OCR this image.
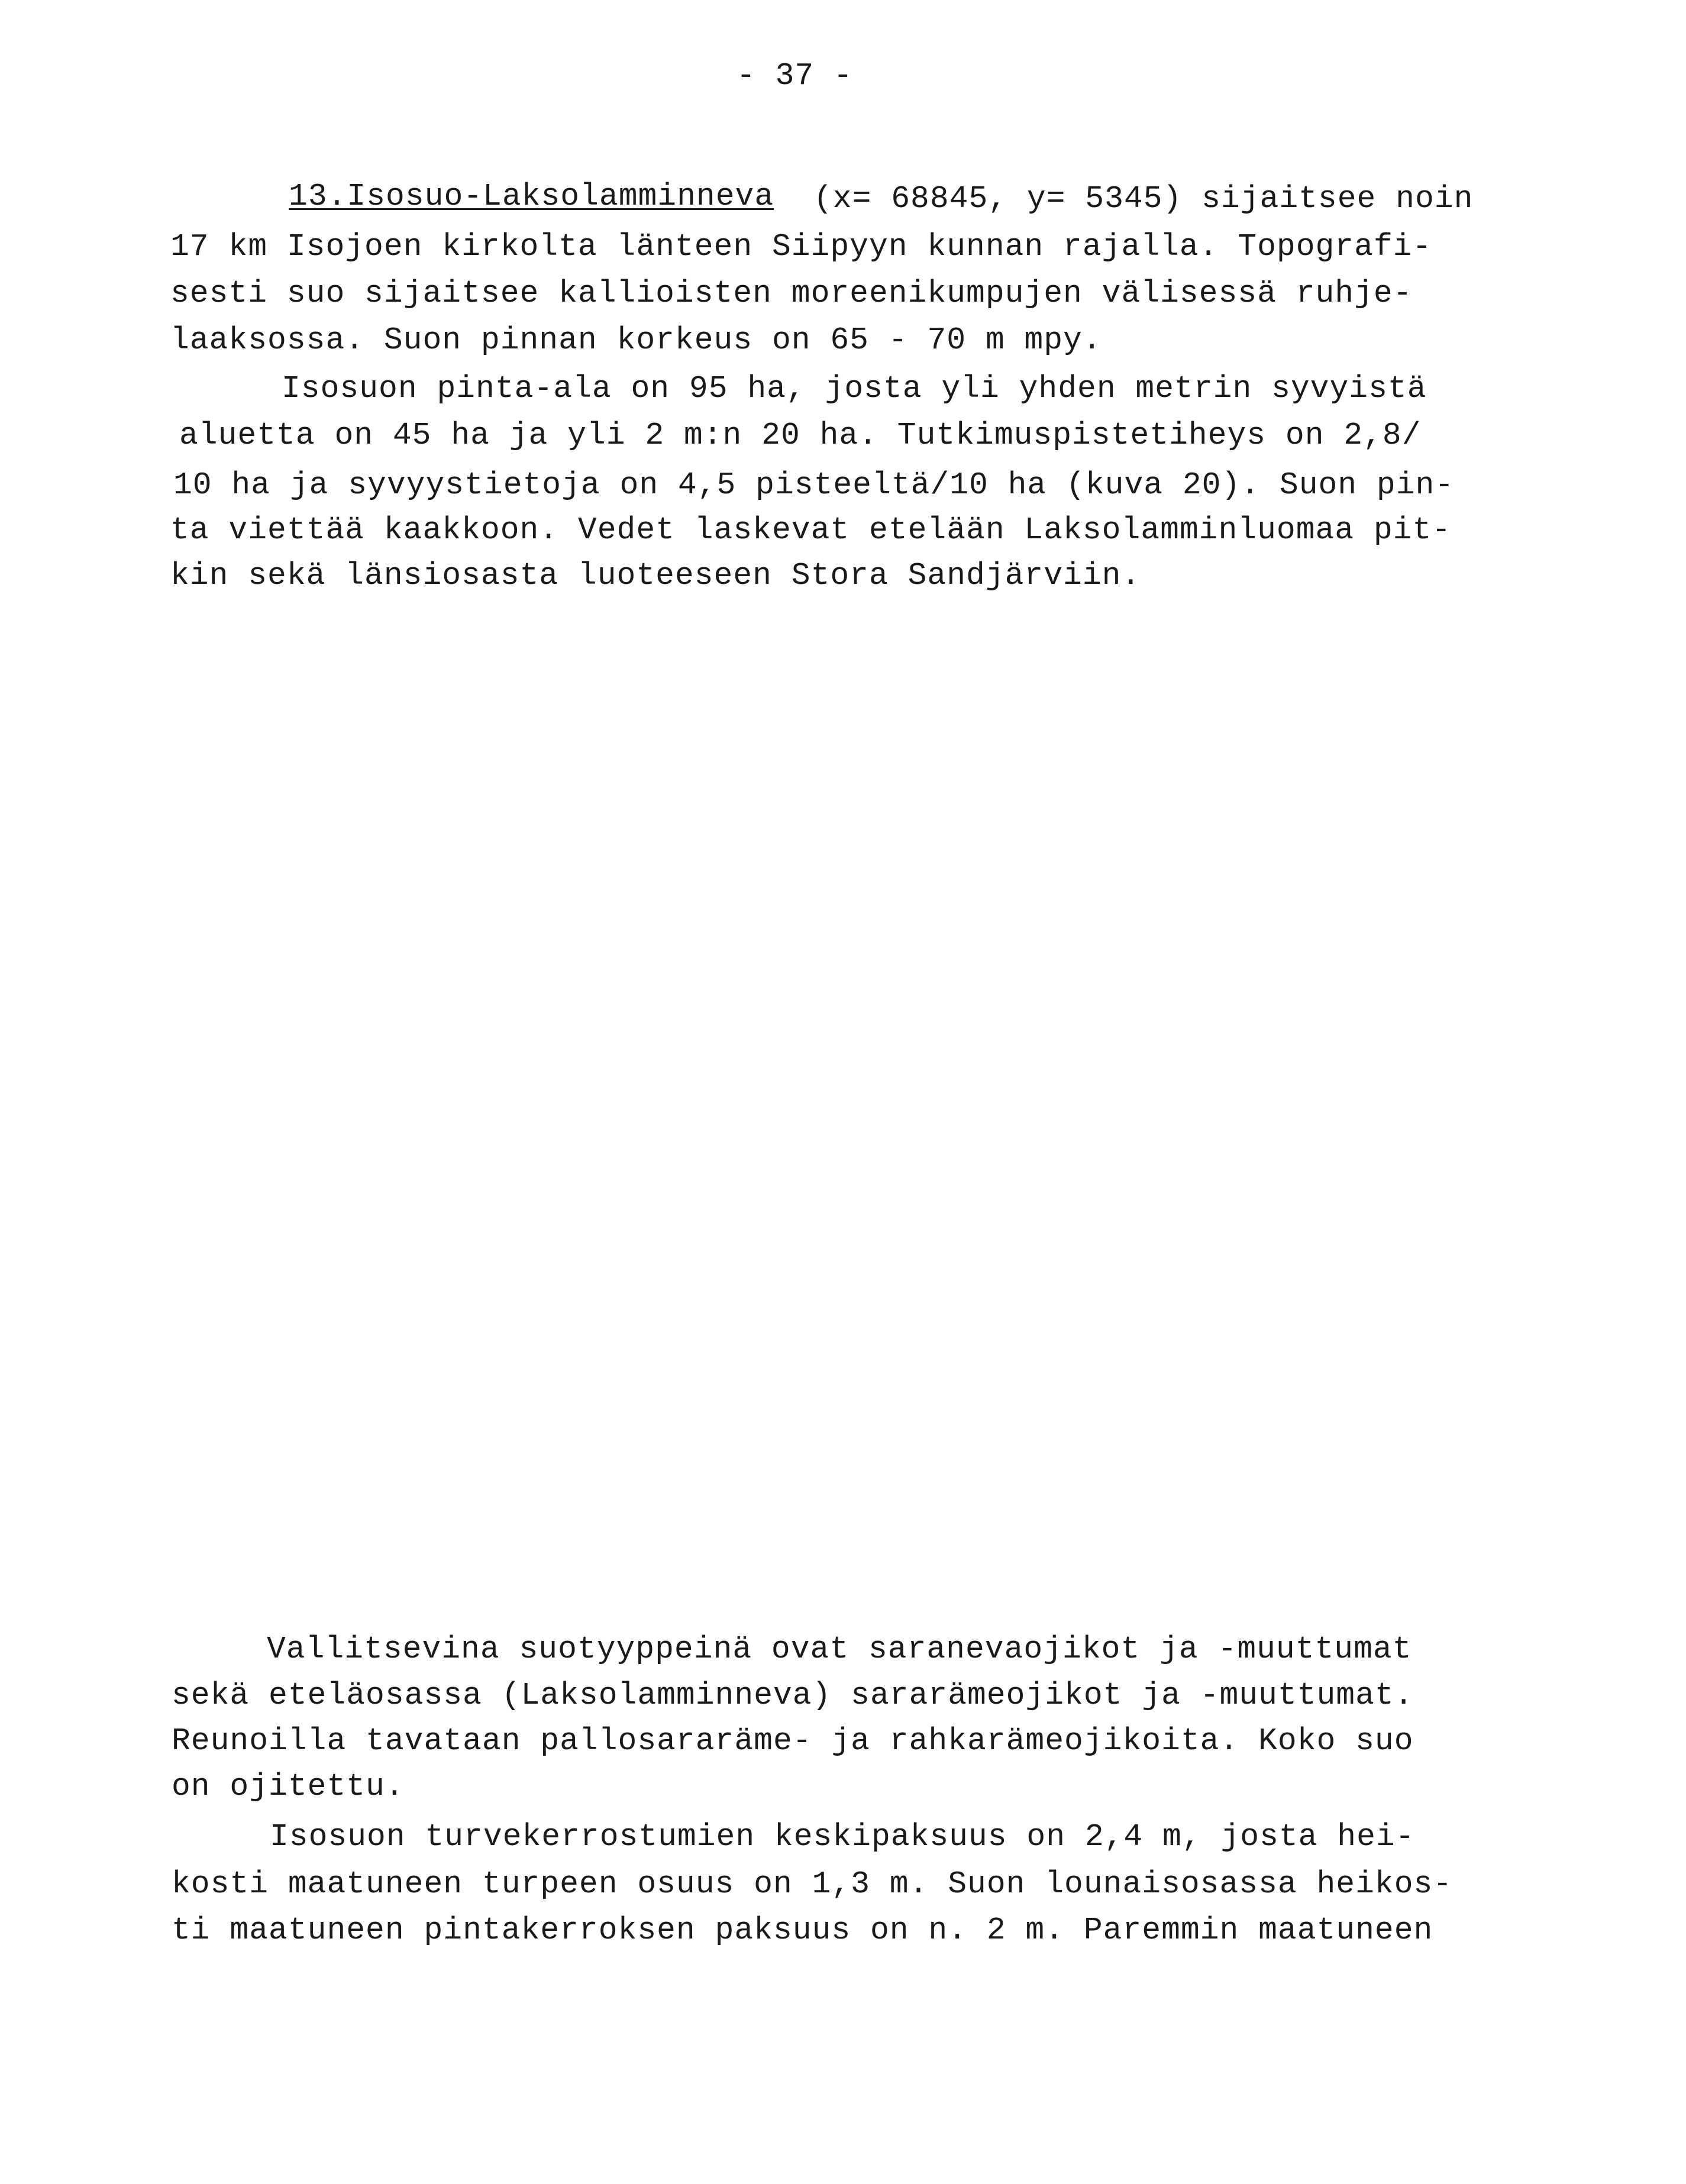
- 37 -
13.Isosuo-Laksolamminneva (x= 68845, y= 5345) sijaitsee noin
17 km Isojoen kirkolta länteen Siipyyn kunnan rajalla. Topografi-
sesti suo sijaitsee kallioisten moreenikumpujen välisessä ruhje-
laaksossa. Suon pinnan korkeus on 65 - 70 m mpy.
Isosuon pinta-ala on 95 ha, josta yli yhden metrin syvyistä
aluetta on 45 ha ja yli 2 m:n 20 ha. Tutkimuspistetiheys on 2,8/
10 ha ja syvyystietoja on 4,5 pisteeltä/10 ha (kuva 20). Suon pin-
ta viettää kaakkoon. Vedet laskevat etelään Laksolamminluomaa pit-
kin sekä länsiosasta luoteeseen Stora Sandjärviin.
Vallitsevina suotyyppeinä ovat saranevaojikot ja -muuttumat
sekä eteläosassa (Laksolamminneva) sararämeojikot ja -muuttumat.
Reunoilla tavataan pallosararäme- ja rahkarämeojikoita. Koko suo
on ojitettu.
Isosuon turvekerrostumien keskipaksuus on 2,4 m, josta hei-
kosti maatuneen turpeen osuus on 1,3 m. Suon lounaisosassa heikos-
ti maatuneen pintakerroksen paksuus on n. 2 m. Paremmin maatuneen
